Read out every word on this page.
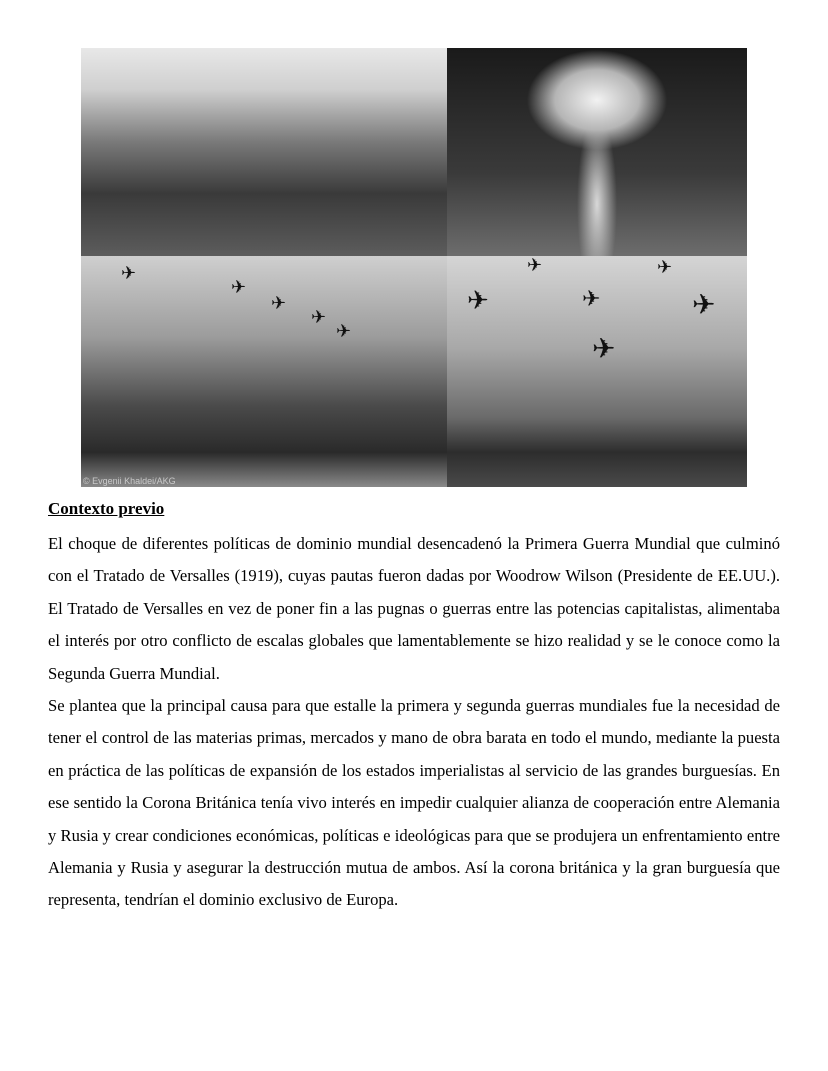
✈
✈
✈
✈
✈
© Evgenii Khaldei/AKG
✈	✈
✈	✈	✈
✈
Contexto previo

El choque de diferentes políticas de dominio mundial desencadenó la Primera Guerra Mundial que culminó con el Tratado de Versalles (1919), cuyas pautas fueron dadas por Woodrow Wilson (Presidente de EE.UU.). El Tratado de Versalles en vez de poner fin a las pugnas o guerras entre las potencias capitalistas, alimentaba el interés por otro conflicto de escalas globales que lamentablemente se hizo realidad y se le conoce como la Segunda Guerra Mundial.

Se plantea que la principal causa para que estalle la primera y segunda guerras mundiales fue la necesidad de tener el control de las materias primas, mercados y mano de obra barata en todo el mundo, mediante la puesta en práctica de las políticas de expansión de los estados imperialistas al servicio de las grandes burguesías. En ese sentido la Corona Británica tenía vivo interés en impedir cualquier alianza de cooperación entre Alemania y Rusia y crear condiciones económicas, políticas e ideológicas para que se produjera un enfrentamiento entre Alemania y Rusia y asegurar la destrucción mutua de ambos. Así la corona británica y la gran burguesía que representa, tendrían el dominio exclusivo de Europa.
